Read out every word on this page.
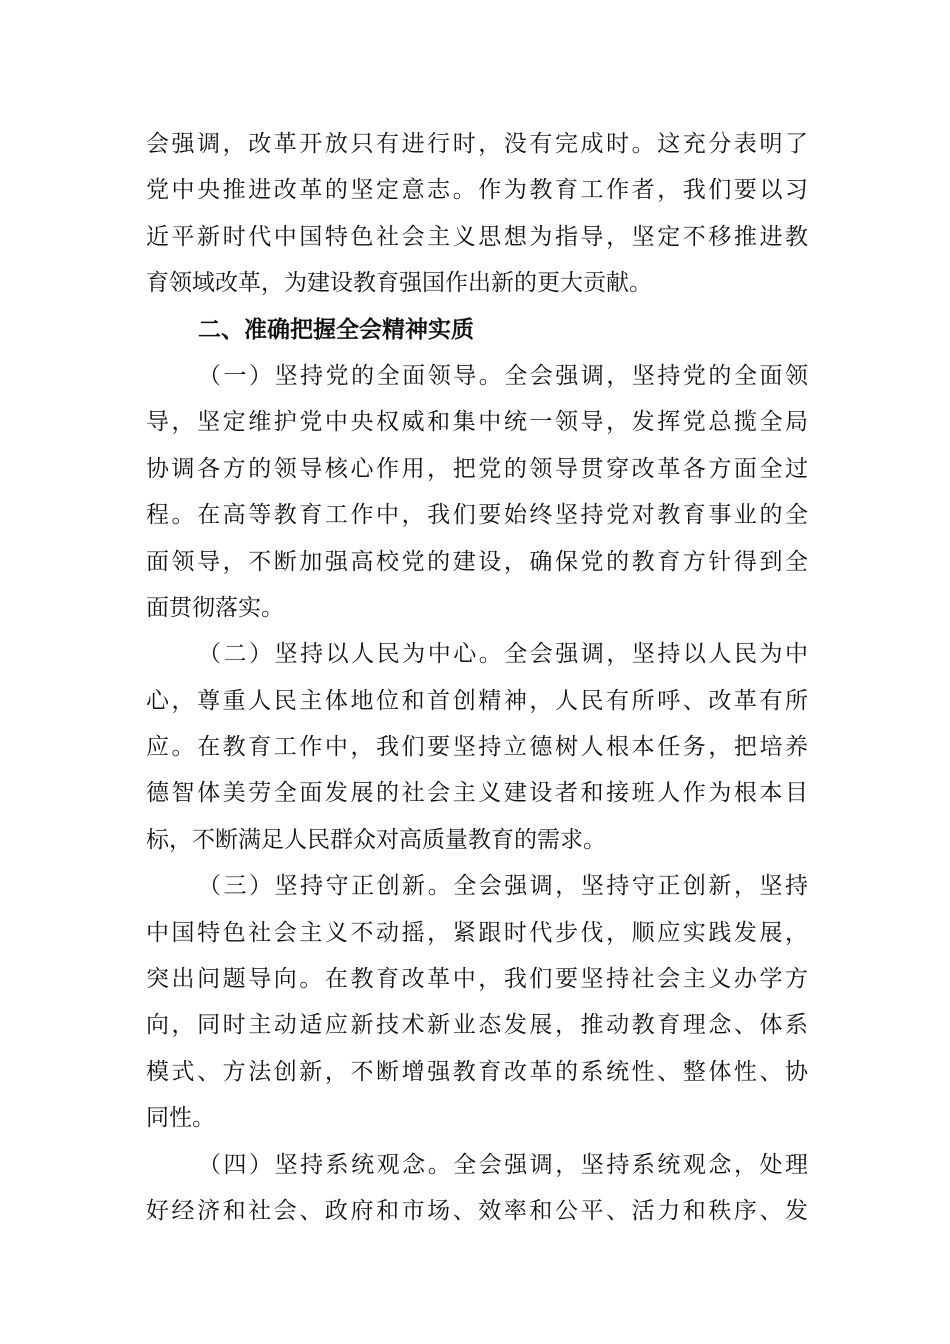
会强调，改革开放只有进行时，没有完成时。这充分表明了
党中央推进改革的坚定意志。作为教育工作者，我们要以习
近平新时代中国特色社会主义思想为指导，坚定不移推进教
育领域改革，为建设教育强国作出新的更大贡献。
二、准确把握全会精神实质
（一）坚持党的全面领导。全会强调，坚持党的全面领
导，坚定维护党中央权威和集中统一领导，发挥党总揽全局
协调各方的领导核心作用，把党的领导贯穿改革各方面全过
程。在高等教育工作中，我们要始终坚持党对教育事业的全
面领导，不断加强高校党的建设，确保党的教育方针得到全
面贯彻落实。
（二）坚持以人民为中心。全会强调，坚持以人民为中
心，尊重人民主体地位和首创精神，人民有所呼、改革有所
应。在教育工作中，我们要坚持立德树人根本任务，把培养
德智体美劳全面发展的社会主义建设者和接班人作为根本目
标，不断满足人民群众对高质量教育的需求。
（三）坚持守正创新。全会强调，坚持守正创新，坚持
中国特色社会主义不动摇，紧跟时代步伐，顺应实践发展，
突出问题导向。在教育改革中，我们要坚持社会主义办学方
向，同时主动适应新技术新业态发展，推动教育理念、体系
模式、方法创新，不断增强教育改革的系统性、整体性、协
同性。
（四）坚持系统观念。全会强调，坚持系统观念，处理
好经济和社会、政府和市场、效率和公平、活力和秩序、发
